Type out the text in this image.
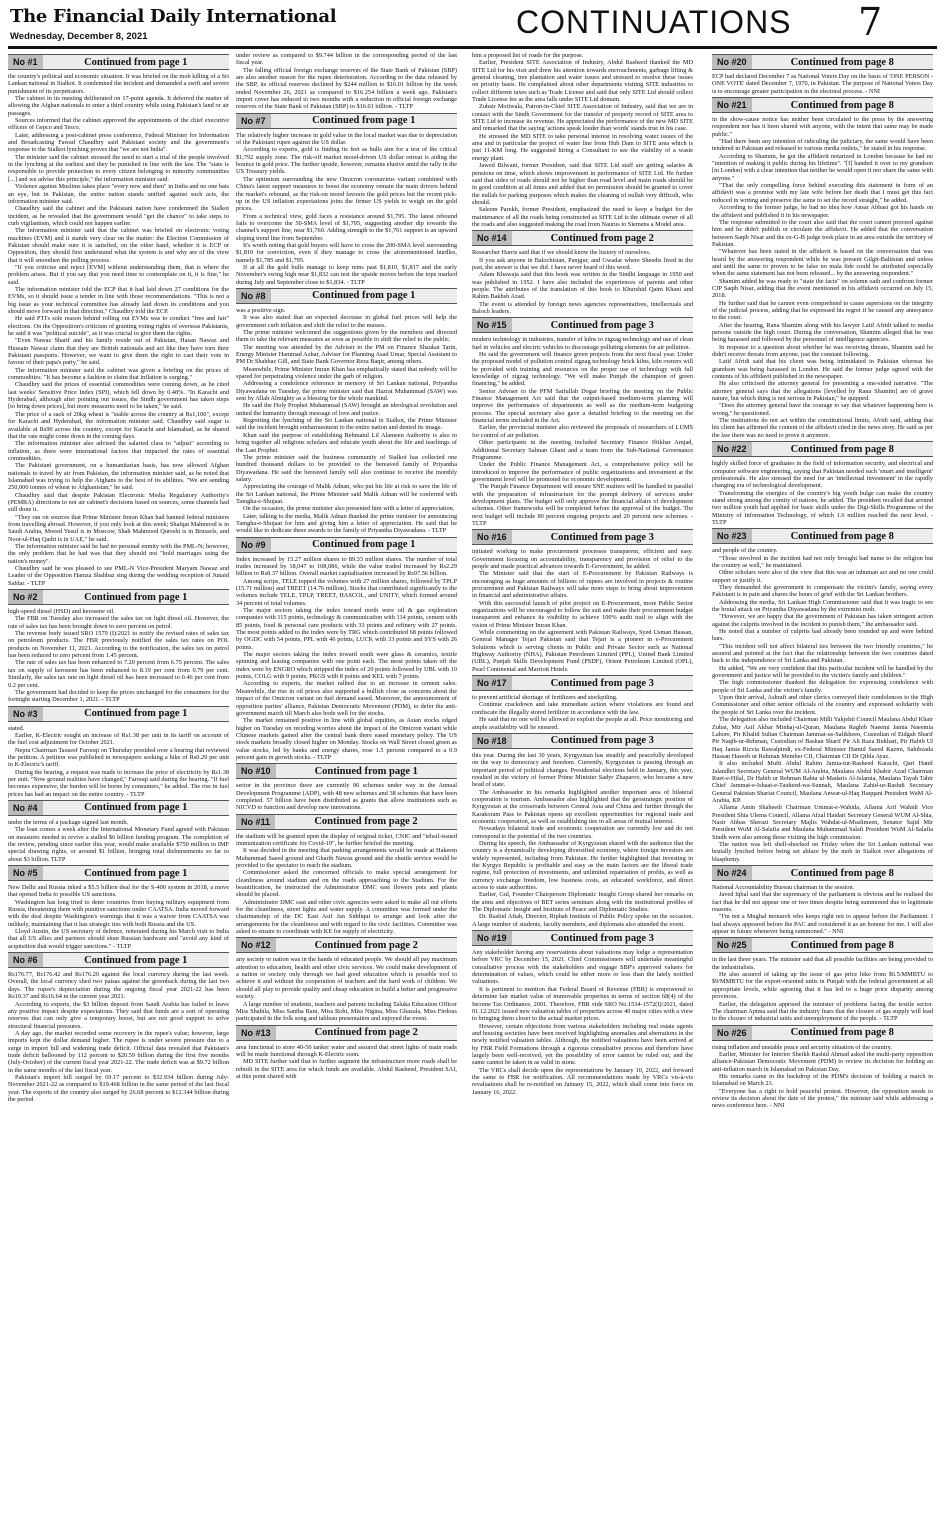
The Financial Daily International
Wednesday, December 8, 2021	CONTINUATIONS 7
No #1	Continued from page 1

the country's political and economic situation. It was briefed on the mob killing of a Sri Lankan national in Sialkot. It condemned the incident and demanded a swift and severe punishment of its perpetrators.

The cabinet in its meeting deliberated on 17-point agenda. It deferred the matter of allowing the Afghan nationals to enter a third country while using Pakistan's land or air passages.

Sources informed that the cabinet approved the appointments of the chief executive officers of Gepco and Tesco.

Later, addressing a post-cabinet press conference, Federal Minister for Information and Broadcasting Fawad Chaudhry said Pakistani society and the government's response to the Sialkot lynching proves that "we are not India".

The minister said the cabinet stressed the need to start a trial of the people involved in the lynching at the earliest and they be punished in line with the law. The "state is responsible to provide protection to every citizen belonging to minority communities [...] and we advise this principle," the information minister said.

Violence against Muslims takes place "every now and then" in India and no one bats an eye, but in Pakistan, the entire nation stands unified against such acts, the information minister said.

Chaudhry said the cabinet and the Pakistani nation have condemned the Sialkot incident, as he revealed that the government would "get the chance" to take steps to curb vigilantism, which could not happen earlier.

The information minister said that the cabinet was briefed on electronic voting machines (EVM) and it stands very clear on the matter: the Election Commission of Pakistan should make sure it is satisfied, on the other hand, whether it is ECP or Opposition, they should first understand what the system is and why are of the view that it will smoothen the polling process.

"If you criticise and reject [EVM] without understanding them, that is where the problem arises. But if you say that you need time to contemplate on it, it is fine," he said.

The information minister told the ECP that it had laid down 27 conditions for the EVMs, so it should issue a tender in line with those recommendations. "This is not a big issue as your technical committee has already laid down its conditions and you should move forward in that direction," Chaudhry told the ECP.

He said PTI's sole reason behind rolling out EVMs was to conduct "free and fair" elections. On the Opposition's criticism of granting voting rights of overseas Pakistanis, he said it was "political suicide", as it was crucial to give them the rights.

"Even Nawaz Sharif and his family reside out of Pakistan, Hasan Nawaz and Hussain Nawaz claim that they are British nationals and act like they have torn their Pakistani passports. However, we want to give them the right to cast their vote in favour of their papa's party," he said.

The information minister said the cabinet was given a briefing on the prices of commodities. "It has become a fashion to claim that inflation is surging."

Chaudhry said the prices of essential commodities were coming down, as he cited last weeks' Sensitive Price Index (SPI), which fell down by 0.48%. "In Karachi and Hyderabad, although after pointing out issues, the Sindh government has taken steps [to bring down prices], but more measures need to be taken," he said.

The price of a sack of 20kg wheat is "stable across the country at Rs1,100", except for Karachi and Hyderabad, the information minister said. Chaudhry said sugar is available at Rs90 across the country, except for Karachi and Islamabad, as he shared that the rate might come down in the coming days.

The information minister also advised the salaried class to "adjust" according to inflation, as there were international factors that impacted the rates of essential commodities.

The Pakistani government, on a humanitarian basis, has now allowed Afghan nationals to travel by air from Pakistan, the information minister said, as he noted that Islamabad was trying to help the Afghans to the best of its abilities. "We are sending 250,000 tonnes of wheat to Afghanistan," he said.

Chaudhry said that despite Pakistan Electronic Media Regulatory Authority's (PEMRA) directions to not air cabinet's decisions based on sources, some channels had still done it.

"They ran on sources that Prime Minister Imran Khan had banned federal ministers from travelling abroad. However, if you only look at this week; Shafqat Mahmood is in Saudi Arabia, Moeed Yusuf is in Moscow, Shah Mahmood Qureshi is in Brussels, and Noor-ul-Haq Qadri is in UAE," he said.

The information minister said he had no personal enmity with the PML-N; however, the only problem that he had was that they should not "hold marriages using the nation's money".

Chaudhry said he was pleased to see PML-N Vice-President Maryam Nawaz and Leader of the Opposition Hamza Shahbaz sing during the wedding reception of Junaid Safdar. - TLTP

No #2	Continued from page 1

high-speed diesel (HSD) and kerosene oil.

The FBR on Tuesday also increased the sales tax on light diesel oil. However, the rate of sales tax has been brought down to zero percent on petrol.

The revenue body issued SRO 1579 (I)/2021 to notify the revised rates of sales tax on petroleum products. The FBR previously notified the sales tax rates on POL products on November 11, 2021. According to the notification, the sales tax on petrol has been reduced to zero percent from 1.45 percent.

The rate of sales tax has been enhanced to 7.20 percent from 6.75 percent. The sales tax on supply of kerosene has been enhanced to 8.19 per cent from 0.79 per cent. Similarly, the sales tax rate on light diesel oil has been increased to 0.46 per cent from 0.2 per cent.

The government had decided to keep the prices unchanged for the consumers for the fortnight starting December 1, 2021. - TLTP

No #3	Continued from page 1

stated.

Earlier, K-Electric sought an increase of Rs1.38 per unit in its tariff on account of the fuel cost adjustment for October 2021.

Nepra Chairman Tauseef Farooqi on Thursday presided over a hearing that reviewed the petition. A petition was published in newspapers seeking a hike of Rs0.29 per unit in K-Electric's tariff.

During the hearing, a request was made to increase the price of electricity by Rs1.38 per unit. "Now ground realities have changed," Farooqi said during the hearing. "If fuel becomes expensive, the burden will be borne by consumers," he added. The rise in fuel prices has had an impact on the entire country. - TLTP

No #4	Continued from page 1

under the terms of a package signed last month.

The loan comes a week after the International Monetary Fund agreed with Pakistan on measures needed to revive a stalled $6 billion funding program. The completion of the review, pending since earlier this year, would make available $750 million in IMF special drawing rights, or around $1 billion, bringing total disbursements so far to about $3 billion. TLTP

No #5	Continued from page 1

New Delhi and Russia inked a $5.5 billion deal for the S-400 system in 2018, a move that opened India to possible US sanctions.

Washington has long tried to deter countries from buying military equipment from Russia, threatening them with punitive sanctions under CAATSA. India moved forward with the deal despite Washington's warnings that it was a waiver from CAATSA was unlikely, maintaining that it has strategic ties with both Russia and the US.

Lloyd Austin, the US secretary of defence, reiterated during his March visit to India that all US allies and partners should shun Russian hardware and "avoid any kind of acquisition that would trigger sanctions." - TLTP

No #6	Continued from page 1

Rs176.77, Rs176.42 and Rs176.20 against the local currency during the last week. Overall, the local currency shed two paisas against the greenback during the last two days. The rupee's depreciation during the ongoing fiscal year 2021-22 has been Rs19.37 and Rs16.64 in the current year 2021.

According to experts, the $3 billion deposit from Saudi Arabia has failed to leave any positive impact despite expectations. They said that funds are a sort of operating reserves that can only give a temporary boost, but are not good support to solve structural financial pressures.

A day ago, the market recorded some recovery in the rupee's value; however, large imports kept the dollar demand higher. The rupee is under severe pressure due to a surge in import bill and widening trade deficit. Official data revealed that Pakistan's trade deficit ballooned by 112 percent to $20.59 billion during the first five months (July-October) of the current fiscal year 2021-22. The trade deficit was at $9.72 billion in the same months of the last fiscal year.

Pakistan's import bill surged by 69.17 percent to $32.934 billion during July-November 2021-22 as compared to $19.468 billion in the same period of the last fiscal year. The exports of the country also surged by 26.68 percent to $12.344 billion during the period

under review as compared to $9.744 billion in the corresponding period of the last fiscal year.

The falling official foreign exchange reserves of the State Bank of Pakistan (SBP) are also another reason for the rupee deterioration. According to the data released by the SBP, its official reserves declined by $244 million to $16.01 billion by the week ended November 26, 2021 as compared to $16.254 billion a week ago. Pakistan's import cover has reduced to two months with a reduction in official foreign exchange reserves of the State Bank of Pakistan (SBP) to $16.01 billion. - TLTP

No #7	Continued from page 1

The relatively higher increase in gold value in the local market was due to depreciation of the Pakistani rupee against the US dollar.

According to experts, gold is finding its feet as bulls aim for a test of the critical $1,792 supply zone. The risk-off market mood-driven US dollar retreat is aiding the bounce in gold price. The further upside, however, remains elusive amid the rally in the US Treasury yields.

The optimism surrounding the new Omicron coronavirus variant combined with China's latest support measures to boost the economy remain the main drivers behind the market's rebound, as the risk-on mood favours the gold prices but the recent pick-up in the US inflation expectations joins the firmer US yields to weigh on the gold prices.

From a technical view, gold faces a resistance around $1,795. The latest rebound fails to overcome the 50-SMA level of $1,795, suggesting another dip towards the channel's support line, near $1,760. Adding strength to the $1,761 support is an upward sloping trend line from September.

It's worth noting that gold buyers will have to cross the 200-SMA level surrounding $1,810 for conviction, even if they manage to cross the aforementioned hurdles, namely $1,785 and $1,795.

If at all the gold bulls manage to keep reins past $1,810, $1,817 and the early November's swing high near $1,832 can test the upside moves before the tops marked during July and September close to $1,834. - TLTP

No #8	Continued from page 1

was a positive sign.

It was also stated that an expected decrease in global fuel prices will help the government curb inflation and shift the relief to the masses.

The prime minister welcomed the suggestions given by the members and directed them to take the relevant measures as soon as possible to shift the relief to the public.

The meeting was attended by the Adviser to the PM on Finance Shaukat Tarin, Energy Minister Hammad Azhar, Adviser for Planning Asad Umar, Special Assistant to PM Dr Shahbaz Gill, and State Bank Governor Reza Baqir, among others.

Meanwhile, Prime Minister Imran Khan has emphatically stated that nobody will be spared for perpetrating violence under the garb of religion.

Addressing a condolence reference in memory of Sri Lankan national, Priyantha Diyawadana on Tuesday, the prime minister said that Hazrat Muhammad (SAW) was sent by Allah Almighty as a blessing for the whole mankind.

He said the Holy Prophet Muhammad (SAW) brought an ideological revolution and united the humanity through message of love and justice.

Regretting the lynching of the Sri Lankan national in Sialkot, the Prime Minister said the incident brought embarrassment to the entire nation and dented its image.

Khan said the purpose of establishing Rehmatul Lil Alameen Authority is also to bring together all religious scholars and educate youth about the life and teachings of the Last Prophet.

The prime minister said the business community of Sialkot has collected one hundred thousand dollars to be provided to the bereaved family of Priyantha Diyawadana. He said the bereaved family will also continue to receive the monthly salary.

Appreciating the courage of Malik Adnan, who put his life at risk to save the life of the Sri Lankan national, the Prime Minister said Malik Adnan will be conferred with Tamgha-e-Shujaat.

On the occasion, the prime minister also presented him with a letter of appreciation.

Later, talking to the media, Malik Adnan thanked the prime minister for announcing Tamgha-e-Shujaat for him and giving him a letter of appreciation. He said that he would like to dedicate these awards to the family of Priyantha Diyawadana. - TLTP

No #9	Continued from page 1

Index increased by 15.27 million shares to 89.33 million shares. The number of total trades increased by 18,047 to 108,086, while the value traded increased by Rs2.29 billion to Rs8.37 billion. Overall market capitalisation increased by Rs97.56 billion.

Among scrips, TELE topped the volumes with 27 million shares, followed by TPLP (15.71 million) and TREET (14.76 million). Stocks that contributed significantly to the volumes include TELE, TPLP, TREET, HASCOL, and UNITY, which formed around 34 percent of total volumes.

The major sectors taking the index toward north were oil & gas exploration companies with 115 points, technology & communication with 114 points, cement with 85 points, food & personal care products with 33 points and refinery with 27 points. The most points added to the index were by TRG which contributed 68 points followed by OGDC with 54 points, PPL with 46 points, LUCK with 33 points and SYS with 26 points.

The major sectors taking the index toward south were glass & ceramics, textile spinning and leasing companies with one point each. The most points taken off the index were by ENGRO which stripped the index of 20 points followed by UBL with 10 points, COLG with 9 points, PKGS with 8 points and KEL with 7 points.

According to experts, the market rallied due to an increase in cement sales. Meanwhile, the rise in oil prices also supported a bullish close as concerns about the impact of the Omicron variant on fuel demand eased. Moreover, the announcement of opposition parties' alliance, Pakistan Democratic Movement (PDM), to defer the anti-government march till March also bode well for the stocks.

The market remained positive in line with global equities, as Asian stocks edged higher on Tuesday on receding worries about the impact of the Omicron variant while Chinese markets gained after the central bank there eased monetary policy. The US stock markets broadly closed higher on Monday. Stocks on Wall Street closed green as value stocks, led by banks and energy shares, rose 1.5 percent compared to a 0.9 percent gain in growth stocks. - TLTP

No #10	Continued from page 1

sector in the province there are currently 96 schemes under way in the Annual Development Programme (ADP), with 48 new schemes and 38 schemes that have been completed. 57 billion have been distributed as grants that allow institutions such as NICVD to function and develop new innovations.

No #11	Continued from page 2

the stadium will be granted upon the display of original ticket, CNIC and "tehsil-issued immunization certificate for Covid-19", he further briefed the meeting.

It was decided in the meeting that parking arrangements would be made at Hakeem Muhammad Saeed ground and Gharib Nawaz ground and the shuttle service would be provided to the spectator to reach the stadium.

Commissioner asked the concerned officials to make special arrangement for cleanliness around stadium and on the roads approaching to the Stadium. For the beautification, he instructed the Administrator DMC east flowers pots and plants should be placed.

Administrator DMC east and other civic agencies were asked to make all out efforts for the cleanliness, street lights and water supply. A committee was formed under the chairmanship of the DC East Asif Jan Siddiqui to arrange and look after the arrangements for the cleanliness and with regard to the civic facilities. Committee was asked to ensure to coordinate with KE for supply of electricity.

No #12	Continued from page 2

any society or nation was in the hands of educated people. We should all pay maximum attention to education, health and other civic services. We could make development of a nation or society only through we had good education which is possible tool to achieve it and without the cooperation of teachers and the hard work of children. We should all play to provide quality and cheap education to build a better and progressive society.

A large number of students, teachers and parents including Taluka Education Officer Miss Shahila, Miss Saniha Rani, Miss Rohi, Miss Nigina, Miss Ghazala, Miss Firdous participated in the folk song and tableau presentation and enjoyed the event.

No #13	Continued from page 2

area functional to store 40-50 tanker water and assured that street lights of main roads will be made functional through K-Electric soon.

MD SITE further said that to further augment the infrastructure more roads shall be rebuilt in the SITE area for which funds are available. Abdul Rasheed, President SAI, at this point shared with

him a proposed list of roads for the purpose.

Earlier, President SITE Association of Industry, Abdul Rasheed thanked the MD SITE Ltd for his visit and drew his attention towards encroachments, garbage lifting & general cleaning, tree plantation and water issues and stressed to resolve these issues on priority basis. He complained about other departments visiting SITE industries to collect different taxes such as Trade License and said that only SITE Ltd should collect Trade License fee as the area falls under SITE Ltd domain.

Zubair Motiwala, Patron-in-Chief SITE Association of Industry, said that we are in contact with the Sindh Government for the transfer of property record of SITE area to SITE Ltd to increase its revenue. He appreciated the performance of the new MD SITE and remarked that the saying 'actions speak louder than words' stands true in his case.

He stressed the MD SITE to take personal interest in resolving water issues of the area and in particular the project of water line from Hub Dam to SITE area which is just 11-KM long. He suggested hiring a Consultant to see the viability of a waste energy plant.

Jawed Bilwani, former President, said that SITE Ltd staff are getting salaries & pensions on time, which shows improvement in performance of SITE Ltd. He further said that sides of roads should not be higher than road level and main roads should be in good condition at all times and added that no permission should be granted to cover the nullah for parking purposes which makes the cleaning of nullah very difficult, who should.

Saleem Parekh, former President, emphasized the need to keep a budget for the maintenance of all the roads being constructed as SITE Ltd is the ultimate owner of all the roads and also suggested making the road from Naurus to Siemens a Model area.

No #14	Continued from page 2

Researcher Harris said that if we should know the history of ourselves.

If you ask anyone in Balochistan, Panjgur, and Gwadar where Sheedis lived in the past, the answer is that we did. I have never heard of this word.

Adam Khawaja said that this book was written in the Sindhi language in 1950 and was published in 1952. I have also included the experiences of parents and other people. The attributes of the translation of this book to Khurshid Qaim Khani and Rahim Bakhsh Azad.

The event is attended by foreign news agencies representatives, intellectuals and Baloch leaders.

No #15	Continued from page 3

modern technology in industries, transfer of kilns to zigzag technology and use of clean fuel in vehicles and electric vehicles to discourage polluting elements for air pollution.

He said the government will finance green projects from the next fiscal year. Under the proposed model of pollution control zigzag technology brick kilns, kiln owners will be provided with training and resources on the proper use of technology with full knowledge of zigzag technology. "We will make Punjab the champion of green financing," he added.

Senior Adviser to the PFM Saifullah Dogar briefing the meeting on the Public Finance Management Act said that the output-based medium-term planning will improve the performance of departments as well as the medium-term budgeting process. The special secretary also gave a detailed briefing to the meeting on the financial terms included in the Act.

Earlier, the provincial minister also reviewed the proposals of researchers of LUMS for control of air pollution.

Other participants in the meeting included Secretary Finance Iftikhar Amjad, Additional Secretary Salman Ghani and a team from the Sub-National Governance Programme.

Under the Public Finance Management Act, a comprehensive policy will be introduced to improve the performance of public organizations and investment at the government level will be promoted for economic development.

The Punjab Finance Department will ensure SNE matters will be handled in parallel with the preparation of infrastructure for the prompt delivery of services under development plans. The budget will only approve the financial affairs of development schemes. Other frameworks will be completed before the approval of the budget. The next budget will include 80 percent ongoing projects and 20 percent new schemes. - TLTP

No #16	Continued from page 3

initiated working to make procurement processes transparent, efficient and easy. Government focusing on accountability, transparency and provision of relief to the people and made practical advances towards E-Government, he added.

The Minister said that the start of E-Procurement by Pakistan Railways is encouraging as huge amounts of billions of rupees are involved in projects & routine procurement and Pakistan Railways will take more steps to bring about improvement in financial and administrative affairs.

With this successful launch of pilot project on E-Procurement, more Public Sector organizations will be encouraged to follow the suit and make their procurement budget transparent and enhance its visibility to achieve 100% audit trail to align with the vision of Prime Minister Imran Khan.

While commenting on the agreement with Pakistan Railways, Syed Usman Hassan, General Manager Tejari Pakistan said that Tejari is a pioneer in e-Procurement Solutions which is serving clients in Public and Private Sector such as National Highway Authority (NHA), Pakistan Petroleum Limited (PPL), United Bank Limited (UBL), Punjab Skills Development Fund (PSDF), Orient Petroleum Limited (OPL), Pearl Continental and Marriott Hotels.

No #17	Continued from page 3

to prevent artificial shortage of fertilizers and stockpiling.

Continue crackdown and take immediate action where violations are found and confiscate the illegally stored fertilizer in accordance with the law.

He said that no one will be allowed to exploit the people at all. Price monitoring and ample availability will be ensured.

No #18	Continued from page 3

this year. During the last 30 years, Kyrgyzstan has steadily and peacefully developed on the way to democracy and freedom. Currently, Kyrgyzstan is passing through an important period of political changes. Presidential elections held in January, this year, resulted in the victory of former Prime Minister Sadyr Zhaparov, who became a new head of state.

The Ambassador in his remarks highlighted another important area of bilateral cooperation is tourism. Ambassador also highlighted that the geostrategic position of Kyrgyzstan at the crossroads between Central Asia and China and further through the Karakoram Pass to Pakistan opens up excellent opportunities for regional trade and economic cooperation, as well as establishing ties in all areas of mutual interest.

Nowadays bilateral trade and economic cooperation are currently low and do not correspond to the potential of the two countries.

During his speech, the Ambassador of Kyrgyzstan shared with the audience that the country is a dynamically developing diversified economy, where foreign investors are widely represented, including from Pakistan. He further highlighted that investing in the Kyrgyz Republic is profitable and easy as the main factors are the liberal trade regime, full protection of investments, and unlimited repatriation of profits, as well as currency exchange freedom, low business costs, an educated workforce, and direct access to state authorities.

Earlier, Gul, Founder Chairperson Diplomatic Insight Group shared her remarks on the aims and objectives of BET series seminars along with the institutional profiles of The Diplomatic Insight and Institute of Peace and Diplomatic Studies.

Dr. Rashid Aftab, Director, Riphah Institute of Public Policy spoke on the occasion. A large number of students, faculty members, and diplomats also attended the event.

No #19	Continued from page 3

Any stakeholder having any reservations about valuations may lodge a representation before VRC by December 15, 2021. Chief Commissioners will undertake meaningful consultative process with the stakeholders and engage SBP's approved valuers for determination of values, which could be either more or less than the lately notified valuations.

It is pertinent to mention that Federal Board of Revenue (FBR) is empowered to determine fair market value of immovable properties in terms of section 68(4) of the Income Tax Ordinance, 2001. Therefore, FBR vide SRO No.1534-1572(I)/2021, dated 01.12.2021 issued new valuation tables of properties across 40 major cities with a view to bringing them closer to the actual market prices.

However, certain objections from various stakeholders including real estate agents and housing societies have been received highlighting anomalies and aberrations in the newly notified valuation tables. Although, the notified valuations have been arrived at by FBR Field Formations through a rigorous consultative process and therefore have largely been well-received, yet the possibility of error cannot be ruled out, and the same cannot be taken in as valid in stone.

The VRCs shall decide upon the representations by January 10, 2022, and forward the same to FBR for notification. All recommendations made by VRCs vis-à-vis revaluations shall be re-notified on January 15, 2022, which shall come into force on January 16, 2022.

No #20	Continued from page 8

ECP had declared December 7 as National Voters Day on the basis of 'ONE PERSON - ONE VOTE' dated December 7, 1970, in Pakistan. The purpose of National Voters Day is to encourage greater participation in the electoral process. - NNI

No #21	Continued from page 8

in the show-cause notice has neither been circulated to the press by the answering respondent nor has it been shared with anyone, with the intent that same may be made public."

"Had there been any intention of ridiculing the judiciary, the same would have been tendered in Pakistan and released to various media outlets," he stated in his response.

According to Shamim, he got the affidavit notarized in London because he had no "intention of making it public during his lifetime". "[I] handed it over to my grandson [in London] with a clear intention that neither he would open it nor share the same with anyone."

"That the only compelling force behind executing this statement in form of an affidavit was a promise with my late wife before her death that I must get this fact reduced in writing and preserve the same to set the record straight," he added.

According to the former judge, he had no idea how Ansar Abbasi got his hands on the affidavit and published it in his newspaper.

The response submitted to the court also said that the court cannot proceed against him and he didn't publish or circulate the affidavit. He added that the conversation between Saqib Nisar and the ex-G-B judge took place in an area outside the territory of Pakistan.

"Whatever has been stated in the affidavit is based on the conversation that was heard by the answering respondent while he was present Gilgit-Baltistan and unless and until the same to proven to be false no mala fide could be attributed especially when the same statement has not been released... by the answering respondent."

Shamim added he was ready to "state the facts" on solemn oath and confront former CJP Saqib Nisar, adding that the event mentioned in his affidavit occurred on July 15, 2018.

He further said that he cannot even comprehend to cause aspersions on the integrity of the judicial process, adding that he expressed his regret if he caused any annoyance to the court.

After the hearing, Rana Shamim along with his lawyer Latif Afridi talked to media persons outside the high court. During the conversation, Shamim alleged that he was being harassed and followed by the personnel of intelligence agencies.

In response to a question about whether he was receiving threats, Shamim said he didn't receive threats from anyone, just the constant following.

Latif Afridi said that his client was being intimidated in Pakistan whereas his grandson was being harassed in London. He said the former judge agreed with the contents of his affidavit published in the newspaper.

He also criticised the attorney general for presenting a one-sided narrative. "The attorney general says that the allegations [levelled by Rana Shamim] are of grave nature, but which thing is not serious in Pakistan," he quipped.

"Does the attorney general have the courage to say that whatever happening here is wrong," he questioned.

The institutions do not act within the constitutional limits, Afridi said, adding that his client has affirmed the content of the affidavit cited in the news story. He said as per the law there was no need to prove it anymore.

No #22	Continued from page 8

highly skilled force of graduates in the field of information security, and electrical and computer software engineering, saying that Pakistan needed such 'smart and intelligent' professionals. He also stressed the need for an 'intellectual investment' in the rapidly changing era of technological development.

Transforming the energies of the country's big youth bulge can make the country stand strong among the comity of nations, he added. The president recalled that around two million youth had applied for basic skills under the Digi-Skills Programme of the Ministry of Information Technology, of which 1.6 million reached the next level. - TLTP

No #23	Continued from page 8

and people of the country.

"Those involved in the incident had not only brought bad name to the religion but the country as well," he maintained.

Other scholars were also of the view that this was an inhuman act and no one could support or justify it.

They demanded the government to compensate the victim's family, saying every Pakistani is in pain and shares the hours of grief with the Sri Lankan brothers.

Addressing the media, Sri Lankan High Commissioner said that it was tragic to see the brutal attack on Priyantha Diyawadana by the extremist mob.

"However, we are happy that the government of Pakistan has taken stringent action against the culprits involved in the incident to punish them," the ambassador said.

He noted that a number of culprits had already been rounded up and were behind bars.

"This incident will not affect bilateral ties between the two friendly countries," he assured and pointed at the fact that the relationship between the two countries dated back to the independence of Sri Lanka and Pakistan.

He added, "We are very confident that this particular incident will be handled by the government and justice will be provided to the victim's family and children."

The high commissioner thanked the delegation for expressing condolence with people of Sri Lanka and the victim's family.

Upon their arrival, Ashrafi and other clerics conveyed their condolences to the High Commissioner and other senior officials of the country and expressed solidarity with the people of Sri Lanka over the incident.

The delegation also included Chairman Milli Yakjehti Council Maulana Abdul Khair Zubai, Mir Asif Akbar Minhaj-ul-Quran, Maulana Raghib Naeemi Jamia Naeemia Lahore, Pir Khalid Sultan Chairman Jammat-us-Salikheen, Custodian of Eidgah Sharif Pir Naqib-ur-Rehman, Custodian of Bashan Sharif Pir Ali Raza Bukhari, Pir Habib Ul Haq Jamia Rizvia Rawalpindi, ex-Federal Minister Hamid Saeed Kazmi, Sahibzada Hassan Haseeb ur Rehman Member CII, Chairman CII Dr Qibla Ayaz.

It also included Mufti Abdul Rahim Jamia-tur-Rasheed Karachi, Qari Hanif Jalandhri Secretary General WUM Al-Arabia, Maulana Abdul Khabir Azad Chairman Ruet-e-Hilal, Dr Habib ur Rehman Rabta ul-Madaris Al-Islamia, Maulana Tayab Tahir Chief Jammat-e-Ishaat-e-Tauheed-wa-Sunnah, Maulana Zahid-ur-Rashdi Secretary General Pakistan Shariat Council, Maulana Anwar-ul-Haq Haqqani President WaM Al-Arabia, KP.

Allama Amin Shaheedi Chairman Ummat-e-Wahida, Allama Arif Wahidi Vice President Shia Ulema Council, Allama Afzal Haidari Secretary General WUM Al-Shia, Nasir Abbas Sherazi Secretary Majlis Wahdat-ul-Muslimeen, Senator Sajid Mir President WuM Al-Salafia and Maulana Muhammad Salafi President WuM Al-Salafia Sindh were also among those visiting the high commission.

The nation was left shell-shocked on Friday when the Sri Lankan national was brutally lynched before being set ablaze by the mob in Sialkot over allegations of blasphemy.

No #24	Continued from page 8

National Accountability Bureau chairman in the session.

Javed Iqbal said that the supremacy of the parliament is obvious and he realised the fact that he did not appear one or two times despite being summoned due to legitimate reasons.

"I'm not a Mughal monarch who keeps right not to appear before the Parliament. I had always appeared before the PAC and considered it as an honour for me. I will also appear in future whenever being summoned." - NNI

No #25	Continued from page 8

in the last three years. The minister said that all possible facilities are being provided to the industrialists.

He also assured of taking up the issue of gas price hike from $6.5/MMBTU to $9/MMBTU for the export-oriented units in Punjab with the federal government at all appropriate levels, while agreeing that it has led to a huge price disparity among provinces.

Earlier, the delegation apprised the minister of problems facing the textile sector. The chairman Aptma said that the industry fears that the closure of gas supply will lead to the closure of industrial units and unemployment of the people. - TLTP

No #26	Continued from page 8

rising inflation and unstable peace and security situation of the country.

Earlier, Minister for Interior Sheikh Rashid Ahmad asked the multi-party opposition alliance-Pakistan Democratic Movement (PDM) to review its decision for holding an anti-inflation march in Islamabad on Pakistan Day.

His remarks came in the backdrop of the PDM's decision of holding a march in Islamabad on March 23.

"Everyone has a right to hold peaceful protest. However, the opposition needs to review its decision about the date of the protest," the minister said while addressing a news conference here. - NNI
